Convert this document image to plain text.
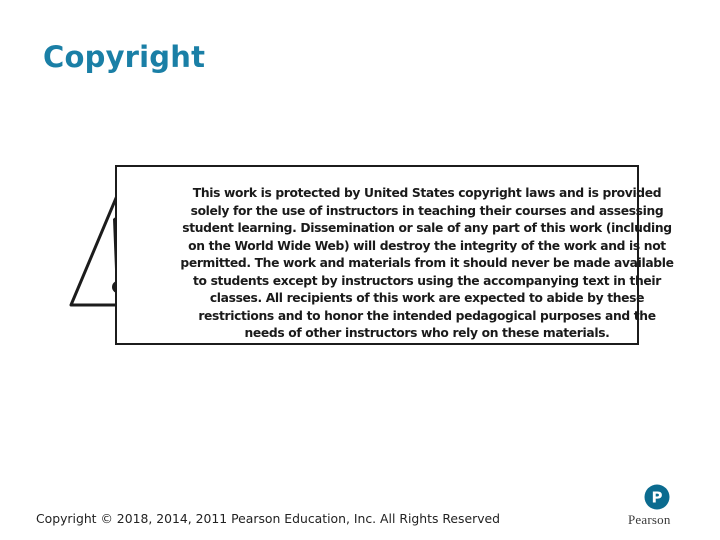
Copyright

This work is protected by United States copyright laws and is provided solely for the use of instructors in teaching their courses and assessing student learning. Dissemination or sale of any part of this work (including on the World Wide Web) will destroy the integrity of the work and is not permitted. The work and materials from it should never be made available to students except by instructors using the accompanying text in their classes. All recipients of this work are expected to abide by these restrictions and to honor the intended pedagogical purposes and the needs of other instructors who rely on these materials.

Copyright © 2018, 2014, 2011 Pearson Education, Inc. All Rights Reserved

P

Pearson
